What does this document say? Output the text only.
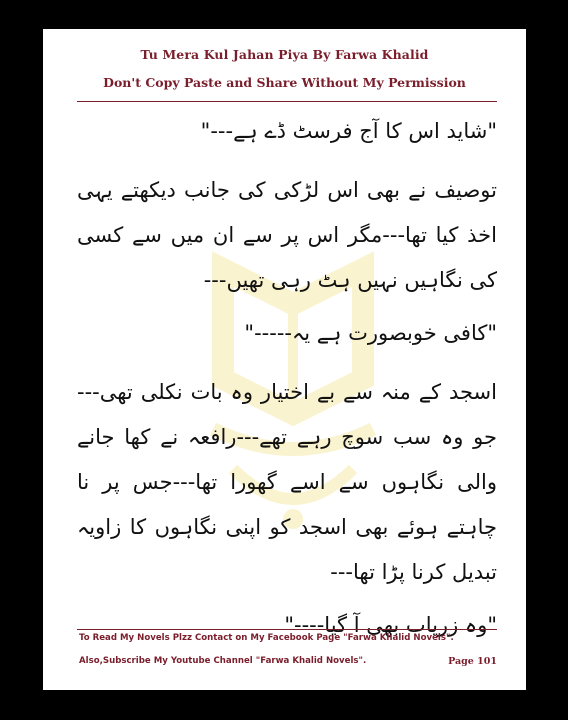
Tu Mera Kul Jahan Piya By Farwa Khalid
Don't Copy Paste and Share Without My Permission

"شاید اس کا آج فرسٹ ڈے ہے---"

توصیف نے بھی اس لڑکی کی جانب دیکھتے یہی اخذ کیا تھا---مگر اس پر سے ان میں سے کسی کی نگاہیں نہیں ہٹ رہی تھیں---

"کافی خوبصورت ہے یہ-----"

اسجد کے منہ سے بے اختیار وہ بات نکلی تھی---جو وہ سب سوچ رہے تھے---رافعہ نے کھا جانے والی نگاہوں سے اسے گھورا تھا---جس پر نا چاہتے ہوئے بھی اسجد کو اپنی نگاہوں کا زاویہ تبدیل کرنا پڑا تھا---

"وہ زریاب بھی آ گیا----"

To Read My Novels Plzz Contact on My Facebook Page "Farwa Khalid Novels".
Also,Subscribe My Youtube Channel "Farwa Khalid Novels".	Page 101
